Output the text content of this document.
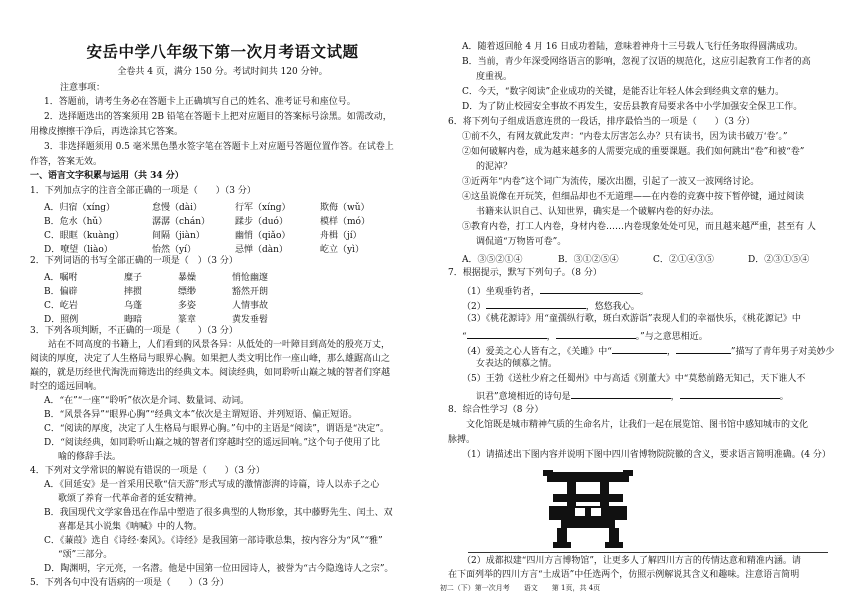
安岳中学八年级下第一次月考语文试题
全卷共 4 页，满分 150 分。考试时间共 120 分钟。
注意事项：
1．答题前，请考生务必在答题卡上正确填写自己的姓名、准考证号和座位号。
2．选择题选出的答案须用 2B 铅笔在答题卡上把对应题目的答案标号涂黑。如需改动，
用橡皮擦擦干净后，再选涂其它答案。
3．非选择题须用 0.5 毫米黑色墨水签字笔在答题卡上对应题号答题位置作答。在试卷上
作答，答案无效。
一、语言文字积累与运用（共 34 分）
1．下列加点字的注音全部正确的一项是（　　）（3 分）
A．归宿（xíng）	怠慢（dài）	行军（xíng）	欺侮（wǔ）
B．危水（hǔ）	潺潺（chán）	蹂步（duó）	模样（mó）
C．眼眶（kuàng）	间隔（jiàn）	幽悄（qiǎo）	舟楫（jí）
D．嘹望（liào）	怡然（yí）	忌惮（dàn）	屹立（yì）
2．下列词语的书写全部正确的一项是（　）（3 分）
A．嘱咐	糜子	暴燥	悄怆幽邃
B．偏辟	摔掼	缥缈	豁然开朗
C．屹岩	乌蓬	多姿	人情事故
D．照例	晦暗	篆章	黄发垂髫
3．下列各项判断，不正确的一项是（　　）（3 分）
　　站在不同高度的书籍上，人们看到的风景各异：从低处的一叶障目到高处的殷亮万丈，
阅读的厚度，决定了人生格局与眼界心胸。如果把人类文明比作一座山峰，那么雄踞高山之
巅的，就是历经世代淘洗而筛选出的经典文本。阅读经典，如同聆听山巅之城的智者们穿越
时空的遥远回响。
A．“在”“一座”“聆听”依次是介词、数量词、动词。
B．“风景各异”“眼界心胸”“经典文本”依次是主谓短语、并列短语、偏正短语。
C．“阅读的厚度，决定了人生格局与眼界心胸。”句中的主语是“阅读”，谓语是“决定”。
D．“阅读经典，如同聆听山巅之城的智者们穿越时空的遥远回响。”这个句子使用了比
喻的修辞手法。
4．下列对文学常识的解说有错误的一项是（　　）（3 分）
A．《回延安》是一首采用民歌“信天游”形式写成的激情澎湃的诗篇，诗人以赤子之心
歌颂了养育一代革命者的延安精神。
B．我国现代文学家鲁迅在作品中塑造了很多典型的人物形象，其中藤野先生、闰土、双
喜都是其小说集《呐喊》中的人物。
C．《蒹葭》选自《诗经·秦风》。《诗经》是我国第一部诗歌总集，按内容分为“风”“雅”
“颂”三部分。
D．陶渊明，字元亮，一名潜。他是中国第一位田园诗人，被誉为“古今隐逸诗人之宗”。
5．下列各句中没有语病的一项是（　　）（3 分）
A．随着返回舱 4 月 16 日成功着陆，意味着神舟十三号载人飞行任务取得圆满成功。
B．当前，青少年深受网络语言的影响，忽视了汉语的规范化，这应引起教育工作者的高
度重视。
C．今天，“数字阅读”企业成功的关键，是能否让年轻人体会到经典文章的魅力。
D．为了防止校园安全事故不再发生，安岳县教育局要求各中小学加强安全保卫工作。
6．将下列句子组成语意连贯的一段话，排序最恰当的一项是（　　）（3 分）
①前不久，有网友就此发声：“内卷太厉害怎么办？只有读书，因为读书破万‘卷’。”
②如何破解内卷，成为越来越多的人需要完成的重要课题。我们如何跳出“卷”和被“卷”
的泥淖？
③近两年“内卷”这个词广为流传，屡次出圈，引起了一波又一波网络讨论。
④这虽说像在开玩笑，但细品却也不无道理——在内卷的竞赛中按下暂停键，通过阅读
书籍来认识自己、认知世界，确实是一个破解内卷的好办法。
⑤教育内卷，打工人内卷，身材内卷……内卷现象处处可见，而且越来越严重，甚至有 人
调侃道“万物皆可卷”。
A．③⑤②①④	B．③①②⑤④	C．②①④③⑤	D．②③①⑤④
7．根据提示，默写下列句子。（8 分）
（1）坐观垂钓者，	。
（2）	，悠悠我心。
（3）《桃花源诗》用“童孺纵行歌，斑白欢游诣”表现人们的幸福快乐，《桃花源记》中
“	，	。”与之意思相近。
（4）爱美之心人皆有之，《关雎》中“	，	”描写了青年男子对美妙少
女表达的倾慕之情。
（5）王勃《送杜少府之任蜀州》中与高适《别董大》中“莫愁前路无知己，天下谁人不
识君”意境相近的诗句是	，	。
8．综合性学习（8 分）
　　文化馆既是城市精神气质的生命名片，让我们一起在展览馆、图书馆中感知城市的文化
脉搏。
（1）请描述出下图内容并说明下图中四川省博物院院徽的含义，要求语言简明准确。(4 分）
（2）成都拟建“四川方言博物馆”，让更多人了解四川方言的传情达意和精准内涵。请
在下面列举的四川方言“土成语”中任选两个，仿照示例解说其含义和趣味。注意语言简明
初二（下）第一次月考　　语文　　第 1页，共 4页
